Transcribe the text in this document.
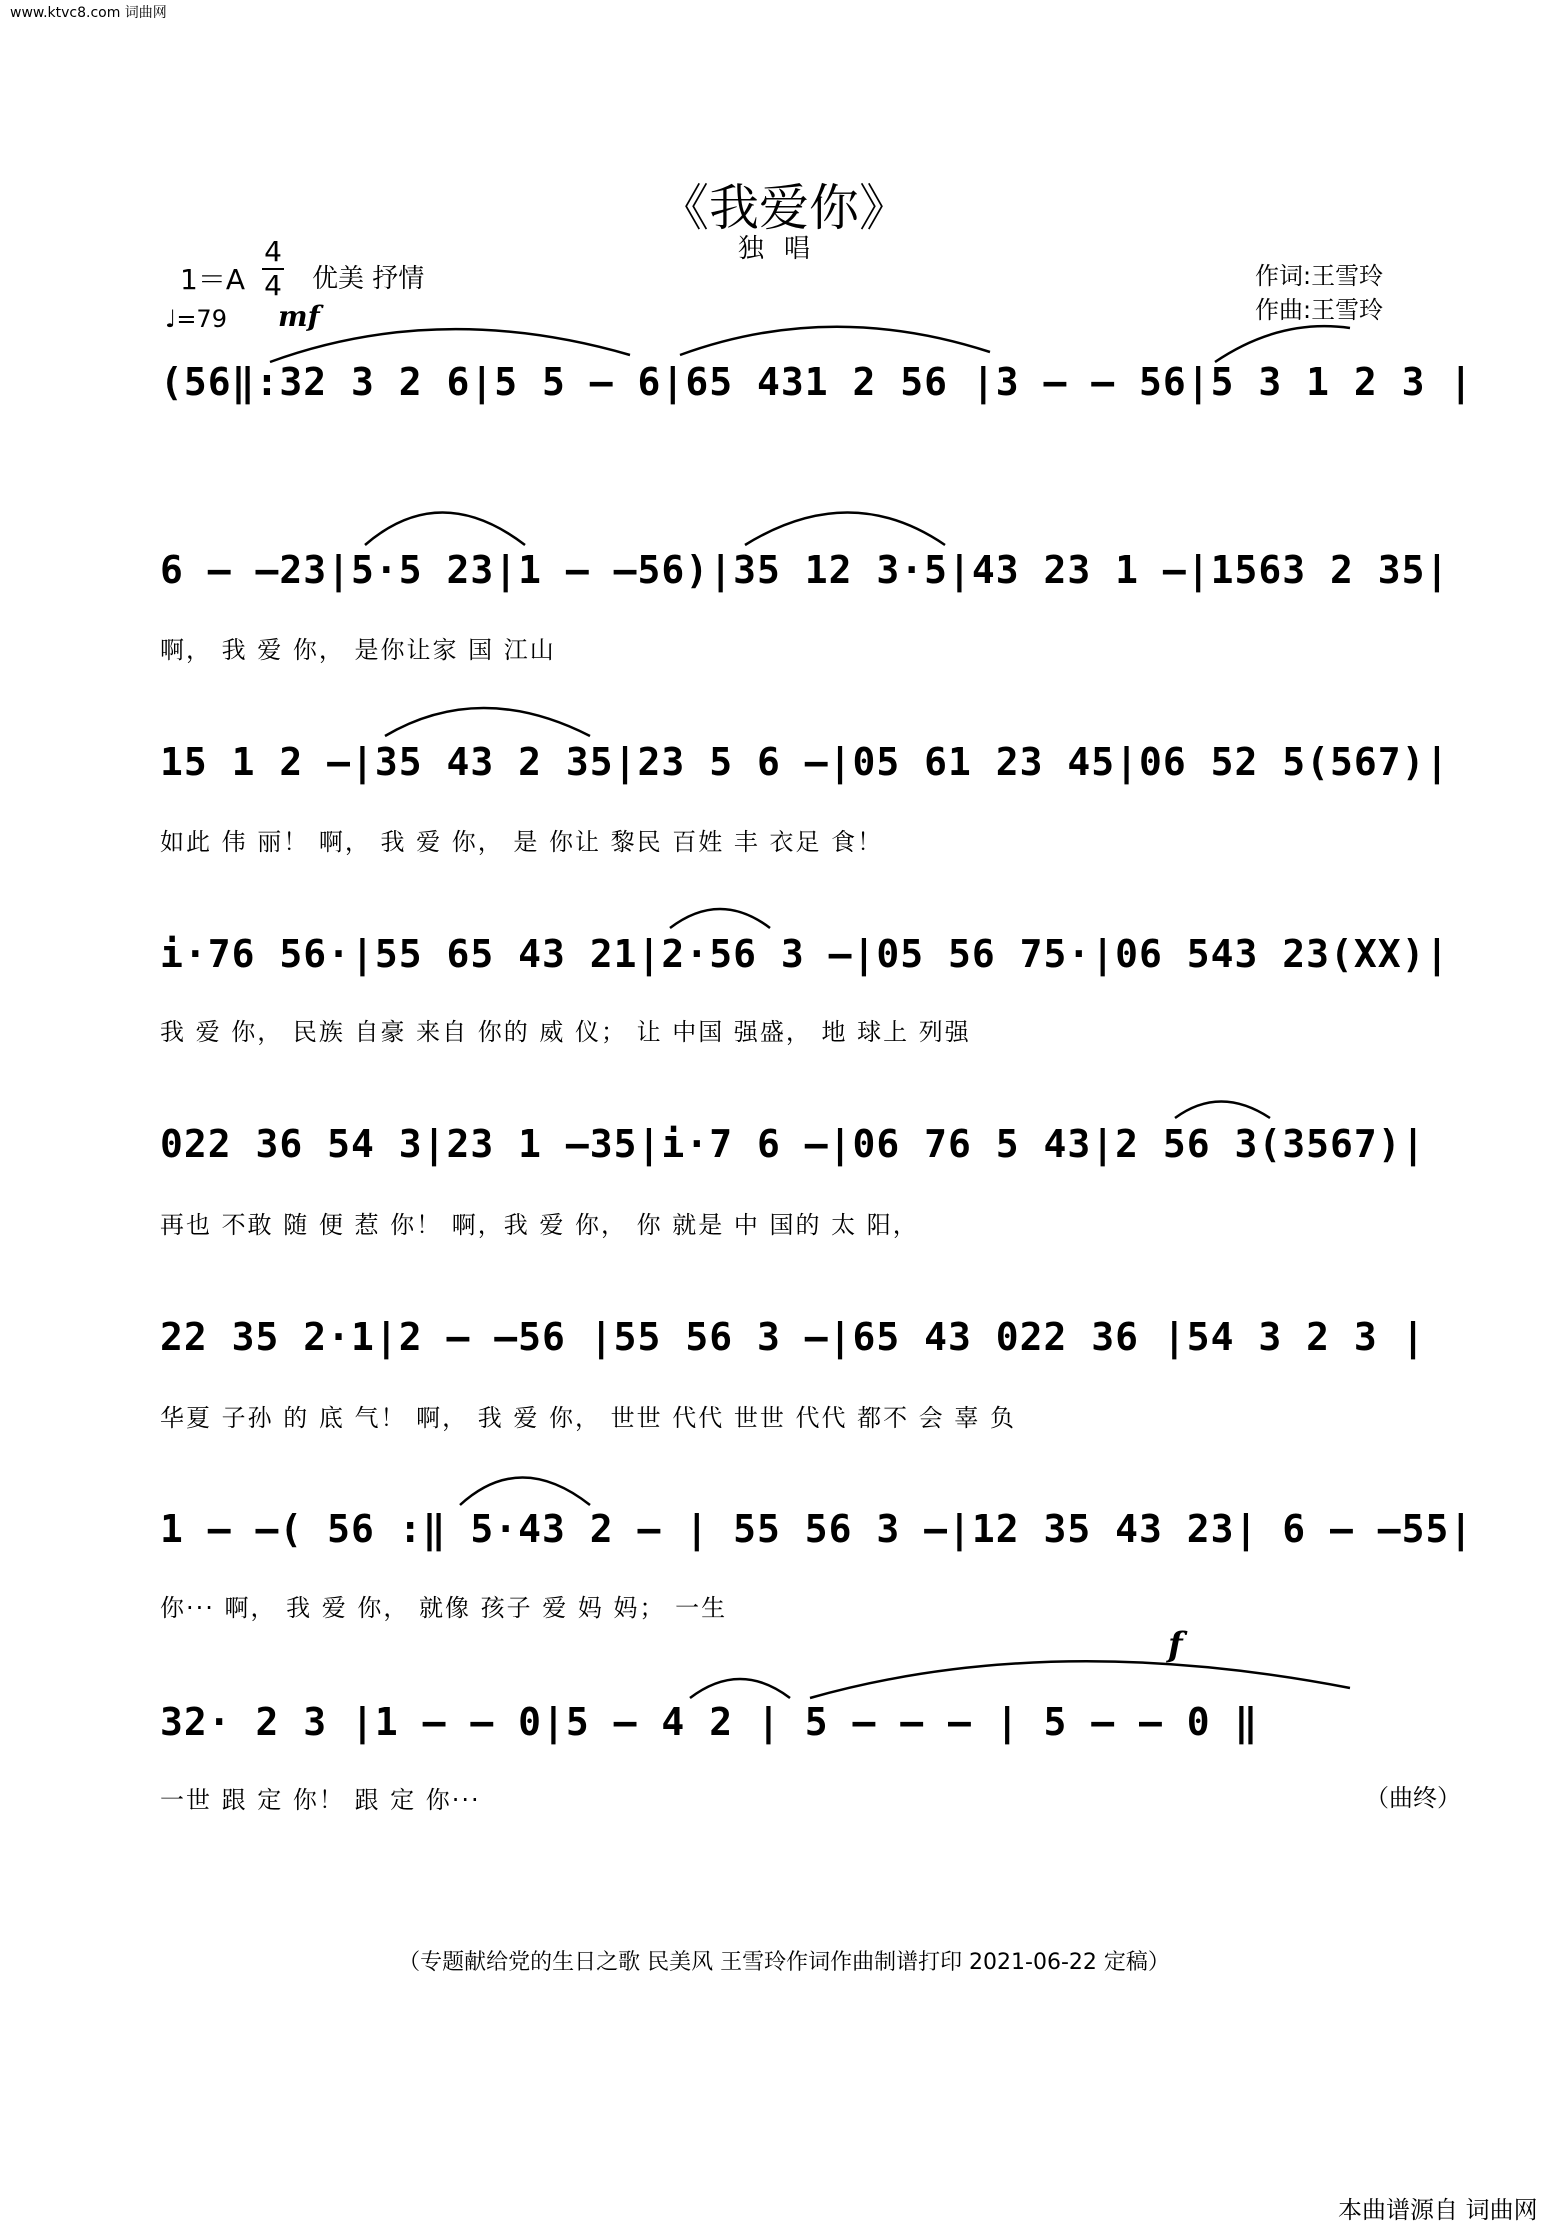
www.ktvc8.com 词曲网
《我爱你》
独唱
1＝A
4
4 优美 抒情
♩=79 mf
作词:王雪玲
作曲:王雪玲
(56‖:32 3 2 6|5 5 – 6|65 431 2 56 |3 – – 56|5 3 1 2 3 |
6 – –23|5·5 23|1 – –56)|35 12 3·5|43 23 1 –|1563 2 35|
啊， 我 爱 你， 是你让家 国 江山
15 1 2 –|35 43 2 35|23 5 6 –|05 61 23 45|06 52 5(567)|
如此 伟 丽！ 啊， 我 爱 你， 是 你让 黎民 百姓 丰 衣足 食！
i·76 56·|55 65 43 21|2·56 3 –|05 56 75·|06 543 23(XX)|
我 爱 你， 民族 自豪 来自 你的 威 仪； 让 中国 强盛， 地 球上 列强
022 36 54 3|23 1 –35|i·7 6 –|06 76 5 43|2 56 3(3567)|
再也 不敢 随 便 惹 你！ 啊，我 爱 你， 你 就是 中 国的 太 阳，
22 35 2·1|2 – –56 |55 56 3 –|65 43 022 36 |54 3 2 3 |
华夏 子孙 的 底 气！ 啊， 我 爱 你， 世世 代代 世世 代代 都不 会 辜 负
1 – –( 56 :‖ 5·43 2 – | 55 56 3 –|12 35 43 23| 6 – –55|
你··· 啊， 我 爱 你， 就像 孩子 爱 妈 妈； 一生
f
32· 2 3 |1 – – 0|5 – 4 2 | 5 – – – | 5 – – 0 ‖
一世 跟 定 你！ 跟 定 你···	（曲终）
（专题献给党的生日之歌 民美风 王雪玲作词作曲制谱打印 2021-06-22 定稿）
本曲谱源自 词曲网
